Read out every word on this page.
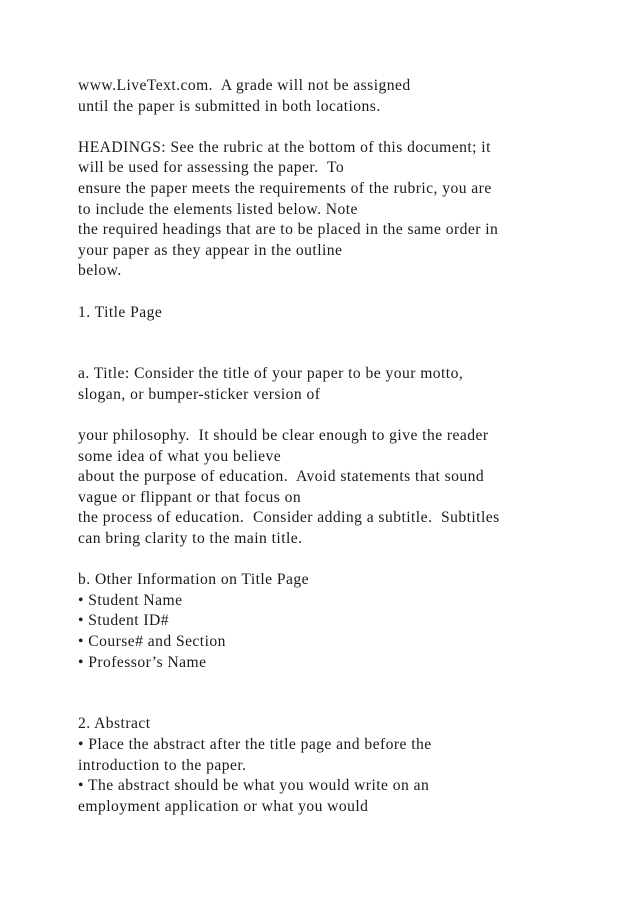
www.LiveText.com.  A grade will not be assigned
until the paper is submitted in both locations.
HEADINGS: See the rubric at the bottom of this document; it
will be used for assessing the paper.  To
ensure the paper meets the requirements of the rubric, you are
to include the elements listed below. Note
the required headings that are to be placed in the same order in
your paper as they appear in the outline
below.
1. Title Page
a. Title: Consider the title of your paper to be your motto,
slogan, or bumper-sticker version of
your philosophy.  It should be clear enough to give the reader
some idea of what you believe
about the purpose of education.  Avoid statements that sound
vague or flippant or that focus on
the process of education.  Consider adding a subtitle.  Subtitles
can bring clarity to the main title.
b. Other Information on Title Page
• Student Name
• Student ID#
• Course# and Section
• Professor’s Name
2. Abstract
• Place the abstract after the title page and before the
introduction to the paper.
• The abstract should be what you would write on an
employment application or what you would
